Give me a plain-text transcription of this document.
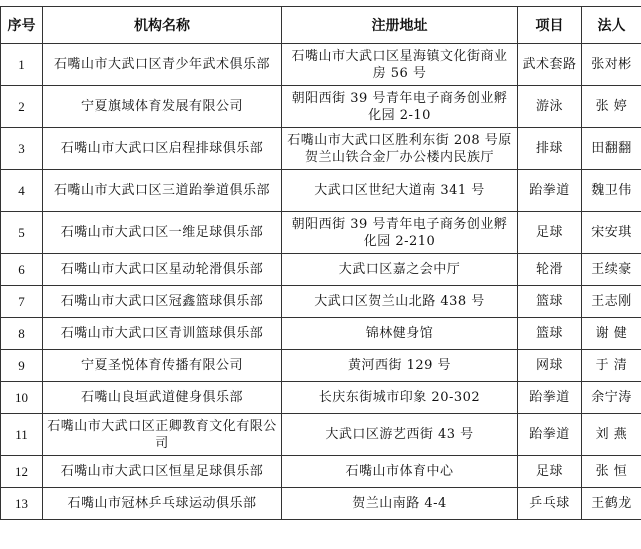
序号	机构名称	注册地址	项目	法人
1	石嘴山市大武口区青少年武术俱乐部	石嘴山市大武口区星海镇文化街商业房 56 号	武术套路	张对彬
2	宁夏旗域体育发展有限公司	朝阳西街 39 号青年电子商务创业孵化园 2-10	游泳	张 婷
3	石嘴山市大武口区启程排球俱乐部	石嘴山市大武口区胜利东街 208 号原贺兰山铁合金厂办公楼内民族厅	排球	田翻翻
4	石嘴山市大武口区三道跆拳道俱乐部	大武口区世纪大道南 341 号	跆拳道	魏卫伟
5	石嘴山市大武口区一维足球俱乐部	朝阳西街 39 号青年电子商务创业孵化园 2-210	足球	宋安琪
6	石嘴山市大武口区星动轮滑俱乐部	大武口区嘉之会中厅	轮滑	王续豪
7	石嘴山市大武口区冠鑫篮球俱乐部	大武口区贺兰山北路 438 号	篮球	王志刚
8	石嘴山市大武口区青训篮球俱乐部	锦林健身馆	篮球	谢 健
9	宁夏圣悦体育传播有限公司	黄河西街 129 号	网球	于 清
10	石嘴山良垣武道健身俱乐部	长庆东街城市印象 20-302	跆拳道	余宁涛
11	石嘴山市大武口区正卿教育文化有限公司	大武口区游艺西街 43 号	跆拳道	刘 燕
12	石嘴山市大武口区恒星足球俱乐部	石嘴山市体育中心	足球	张 恒
13	石嘴山市冠林乒乓球运动俱乐部	贺兰山南路 4-4	乒乓球	王鹤龙
